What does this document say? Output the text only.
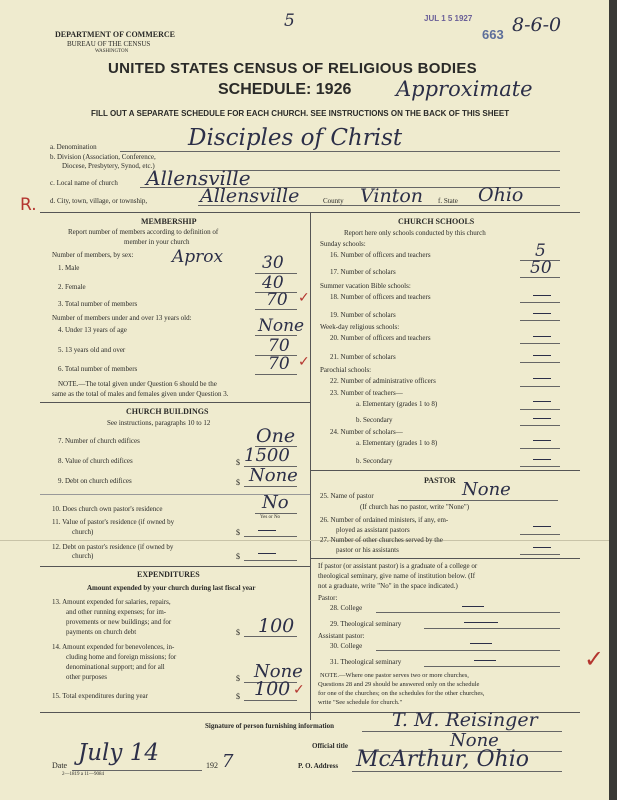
DEPARTMENT OF COMMERCE
BUREAU OF THE CENSUS
WASHINGTON
5	JUL 1 5 1927
663 8-6-0
UNITED STATES CENSUS OF RELIGIOUS BODIES
SCHEDULE: 1926 Approximate
FILL OUT A SEPARATE SCHEDULE FOR EACH CHURCH. SEE INSTRUCTIONS ON THE BACK OF THIS SHEET
a. Denomination	Disciples of Christ
b. Division (Association, Conference,
Diocese, Presbytery, Synod, etc.)
c. Local name of church Allensville
R. d. City, town, village, or township,	Allensville	County Vinton f. State Ohio
MEMBERSHIP
Report number of members according to definition of
member in your church
Number of members, by sex: Aprox
1. Male	30
2. Female	40
3. Total number of members	70 ✓
Number of members under and over 13 years old:
4. Under 13 years of age	None
5. 13 years old and over	70
6. Total number of members	70 ✓
NOTE.—The total given under Question 6 should be the
same as the total of males and females given under Question 3.
CHURCH BUILDINGS
See instructions, paragraphs 10 to 12
7. Number of church edifices	One
8. Value of church edifices	$ 1500
9. Debt on church edifices	$ None
10. Does church own pastor's residence	No
Yes or No
11. Value of pastor's residence (if owned by
church)	$
12. Debt on pastor's residence (if owned by
church)	$
EXPENDITURES
Amount expended by your church during last fiscal year
13. Amount expended for salaries, repairs,
and other running expenses; for im-
provements or new buildings; and for
payments on church debt	$ 100
14. Amount expended for benevolences, in-
cluding home and foreign missions; for
denominational support; and for all
other purposes	$ None
15. Total expenditures during year	$ 100 ✓
CHURCH SCHOOLS
Report here only schools conducted by this church
Sunday schools:
16. Number of officers and teachers	5
17. Number of scholars	50
Summer vacation Bible schools:
18. Number of officers and teachers
19. Number of scholars
Week-day religious schools:
20. Number of officers and teachers
21. Number of scholars
Parochial schools:
22. Number of administrative officers
23. Number of teachers—
a. Elementary (grades 1 to 8)
b. Secondary
24. Number of scholars—
a. Elementary (grades 1 to 8)
b. Secondary
PASTOR
25. Name of pastor	None
(If church has no pastor, write "None")
26. Number of ordained ministers, if any, em-
ployed as assistant pastors
27. Number of other churches served by the
pastor or his assistants
If pastor (or assistant pastor) is a graduate of a college or
theological seminary, give name of institution below. (If
not a graduate, write "No" in the space indicated.)
Pastor:
28. College
29. Theological seminary
Assistant pastor:
30. College
31. Theological seminary
NOTE.—Where one pastor serves two or more churches,
Questions 28 and 29 should be answered only on the schedule
for one of the churches; on the schedules for the other churches,
write "See schedule for church."
✓
Signature of person furnishing information	T. M. Reisinger
Official title	None
Date July 14	192 7	P. O. Address McArthur, Ohio
2—1819 a 11—9084
